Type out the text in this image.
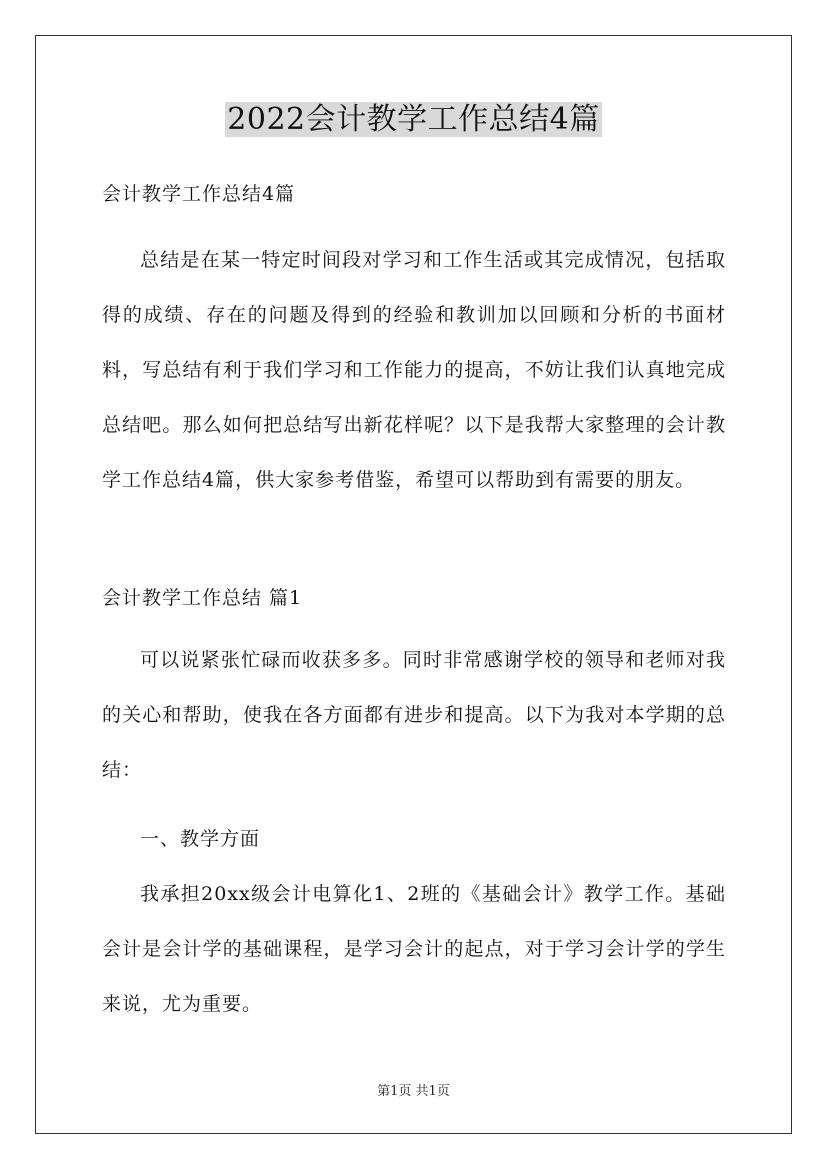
2022会计教学工作总结4篇
会计教学工作总结4篇

总结是在某一特定时间段对学习和工作生活或其完成情况，包括取得的成绩、存在的问题及得到的经验和教训加以回顾和分析的书面材料，写总结有利于我们学习和工作能力的提高，不妨让我们认真地完成总结吧。那么如何把总结写出新花样呢？以下是我帮大家整理的会计教学工作总结4篇，供大家参考借鉴，希望可以帮助到有需要的朋友。

会计教学工作总结 篇1

可以说紧张忙碌而收获多多。同时非常感谢学校的领导和老师对我的关心和帮助，使我在各方面都有进步和提高。以下为我对本学期的总结：

一、教学方面

我承担20xx级会计电算化1、2班的《基础会计》教学工作。基础会计是会计学的基础课程，是学习会计的起点，对于学习会计学的学生来说，尤为重要。

第1页 共1页
